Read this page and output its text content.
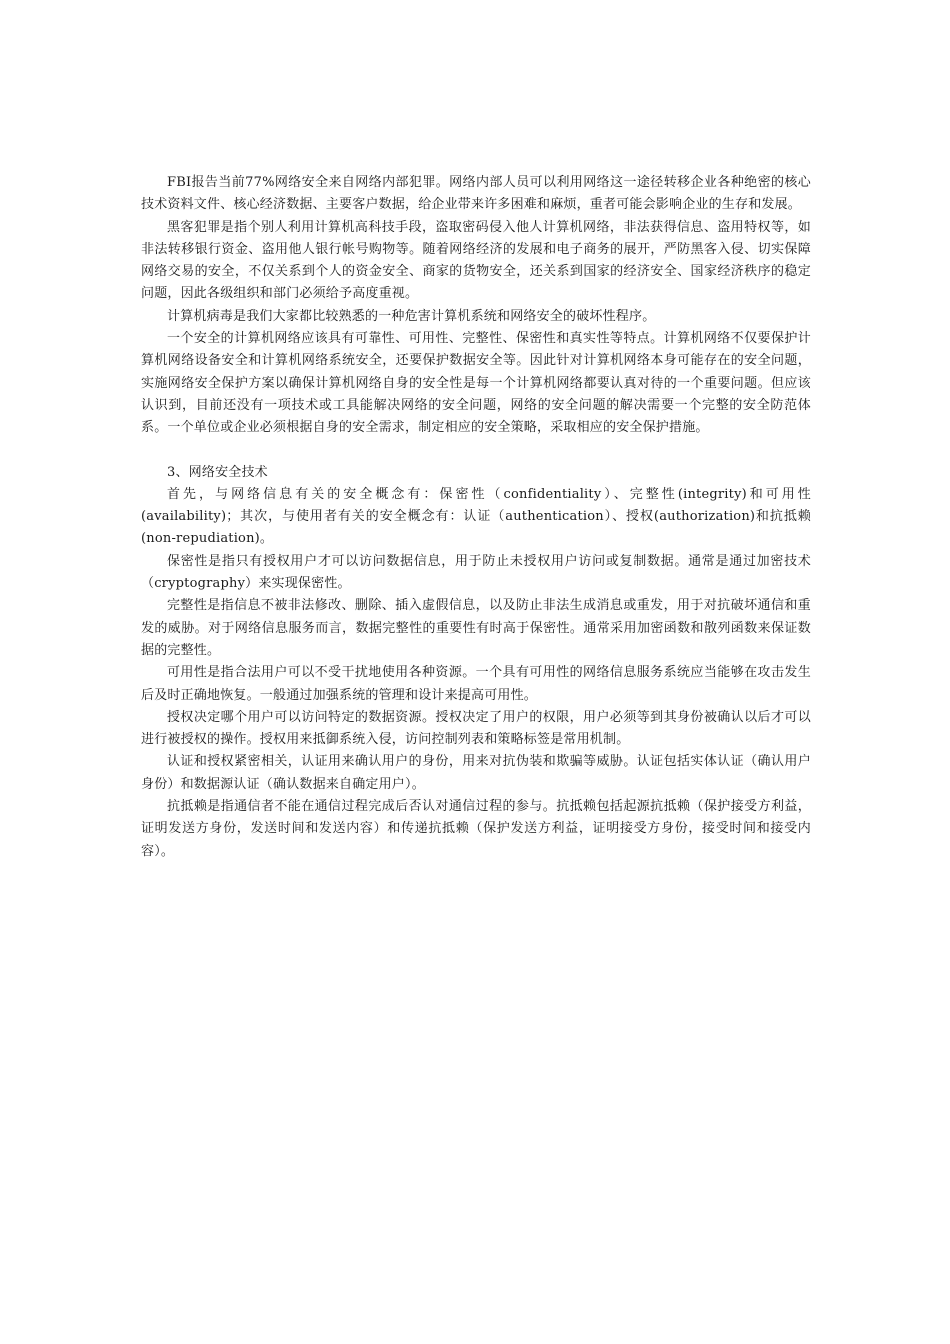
FBI报告当前77%网络安全来自网络内部犯罪。网络内部人员可以利用网络这一途径转移企业各种绝密的核心技术资料文件、核心经济数据、主要客户数据，给企业带来许多困难和麻烦，重者可能会影响企业的生存和发展。

黑客犯罪是指个别人利用计算机高科技手段，盗取密码侵入他人计算机网络，非法获得信息、盗用特权等，如非法转移银行资金、盗用他人银行帐号购物等。随着网络经济的发展和电子商务的展开，严防黑客入侵、切实保障网络交易的安全，不仅关系到个人的资金安全、商家的货物安全，还关系到国家的经济安全、国家经济秩序的稳定问题，因此各级组织和部门必须给予高度重视。

计算机病毒是我们大家都比较熟悉的一种危害计算机系统和网络安全的破坏性程序。

一个安全的计算机网络应该具有可靠性、可用性、完整性、保密性和真实性等特点。计算机网络不仅要保护计算机网络设备安全和计算机网络系统安全，还要保护数据安全等。因此针对计算机网络本身可能存在的安全问题，实施网络安全保护方案以确保计算机网络自身的安全性是每一个计算机网络都要认真对待的一个重要问题。但应该认识到，目前还没有一项技术或工具能解决网络的安全问题，网络的安全问题的解决需要一个完整的安全防范体系。一个单位或企业必须根据自身的安全需求，制定相应的安全策略，采取相应的安全保护措施。

3、网络安全技术

首先，与网络信息有关的安全概念有：保密性（confidentiality）、完整性(integrity)和可用性(availability)；其次，与使用者有关的安全概念有：认证（authentication）、授权(authorization)和抗抵赖(non-repudiation)。

保密性是指只有授权用户才可以访问数据信息，用于防止未授权用户访问或复制数据。通常是通过加密技术（cryptography）来实现保密性。

完整性是指信息不被非法修改、删除、插入虚假信息，以及防止非法生成消息或重发，用于对抗破坏通信和重发的威胁。对于网络信息服务而言，数据完整性的重要性有时高于保密性。通常采用加密函数和散列函数来保证数据的完整性。

可用性是指合法用户可以不受干扰地使用各种资源。一个具有可用性的网络信息服务系统应当能够在攻击发生后及时正确地恢复。一般通过加强系统的管理和设计来提高可用性。

授权决定哪个用户可以访问特定的数据资源。授权决定了用户的权限，用户必须等到其身份被确认以后才可以进行被授权的操作。授权用来抵御系统入侵，访问控制列表和策略标签是常用机制。

认证和授权紧密相关，认证用来确认用户的身份，用来对抗伪装和欺骗等威胁。认证包括实体认证（确认用户身份）和数据源认证（确认数据来自确定用户）。

抗抵赖是指通信者不能在通信过程完成后否认对通信过程的参与。抗抵赖包括起源抗抵赖（保护接受方利益，证明发送方身份，发送时间和发送内容）和传递抗抵赖（保护发送方利益，证明接受方身份，接受时间和接受内容）。
